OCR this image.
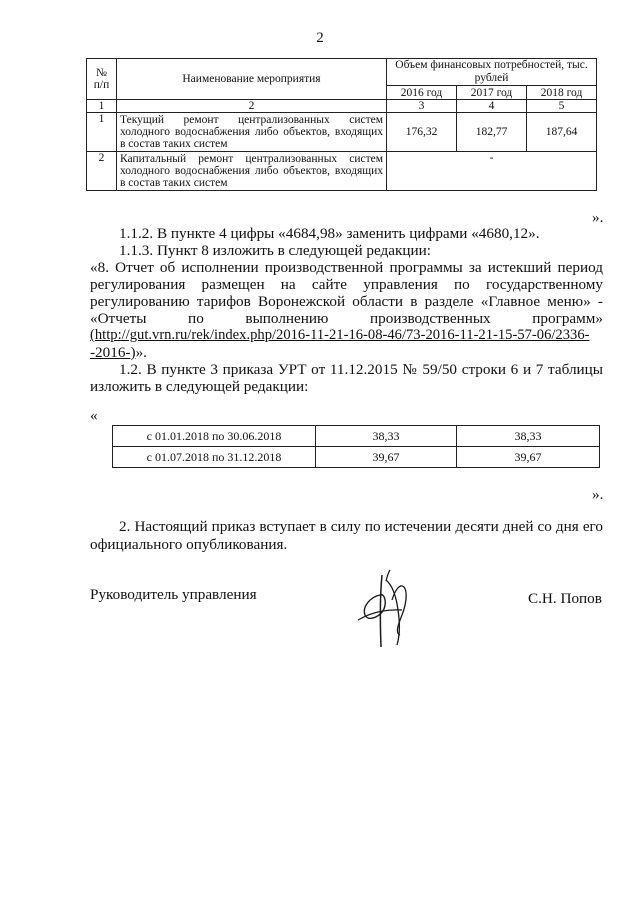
2
№ п/п	Наименование мероприятия	Объем финансовых потребностей, тыс. рублей		
		2016 год	2017 год	2018 год
1	2	3	4	5
1	Текущий ремонт централизованных систем холодного водоснабжения либо объектов, входящих в состав таких систем	176,32	182,77	187,64
2	Капитальный ремонт централизованных систем холодного водоснабжения либо объектов, входящих в состав таких систем	-		
».
1.1.2. В пункте 4 цифры «4684,98» заменить цифрами «4680,12».
1.1.3. Пункт 8 изложить в следующей редакции:
«8. Отчет об исполнении производственной программы за истекший период
регулирования размещен на сайте управления по государственному
регулированию тарифов Воронежской области в разделе «Главное меню» -
«Отчеты по выполнению производственных программ»
(http://gut.vrn.ru/rek/index.php/2016-11-21-16-08-46/73-2016-11-21-15-57-06/2336-
-2016-)».
1.2. В пункте 3 приказа УРТ от 11.12.2015 № 59/50 строки 6 и 7 таблицы
изложить в следующей редакции:
«
с 01.01.2018 по 30.06.2018	38,33	38,33
с 01.07.2018 по 31.12.2018	39,67	39,67
».
2. Настоящий приказ вступает в силу по истечении десяти дней со дня его
официального опубликования.
Руководитель управления	С.Н. Попов
